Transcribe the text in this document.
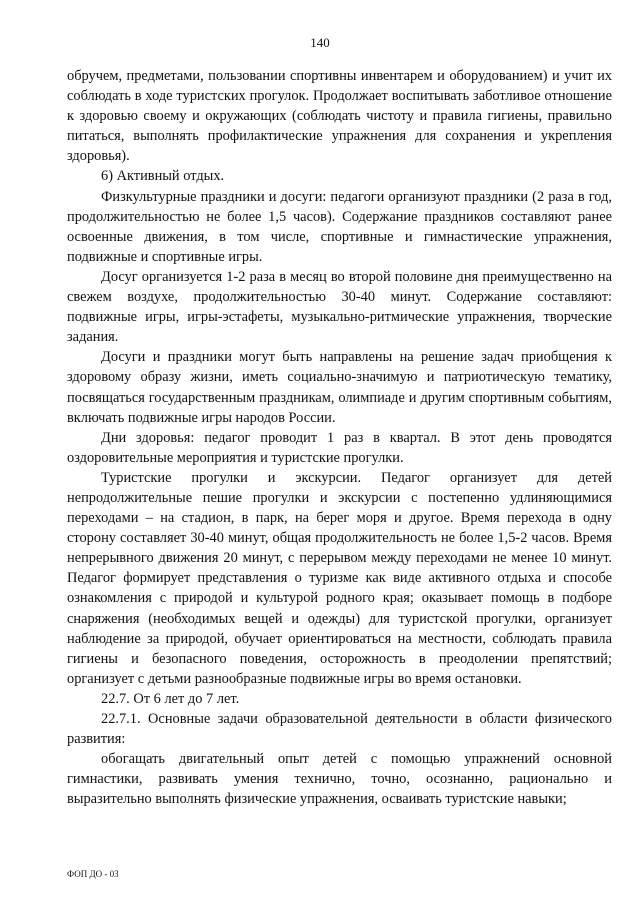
140

обручем, предметами, пользовании спортивны инвентарем и оборудованием) и учит их соблюдать в ходе туристских прогулок. Продолжает воспитывать заботливое отношение к здоровью своему и окружающих (соблюдать чистоту и правила гигиены, правильно питаться, выполнять профилактические упражнения для сохранения и укрепления здоровья).

6) Активный отдых.

Физкультурные праздники и досуги: педагоги организуют праздники (2 раза в год, продолжительностью не более 1,5 часов). Содержание праздников составляют ранее освоенные движения, в том числе, спортивные и гимнастические упражнения, подвижные и спортивные игры.

Досуг организуется 1-2 раза в месяц во второй половине дня преимущественно на свежем воздухе, продолжительностью 30-40 минут. Содержание составляют: подвижные игры, игры-эстафеты, музыкально-ритмические упражнения, творческие задания.

Досуги и праздники могут быть направлены на решение задач приобщения к здоровому образу жизни, иметь социально-значимую и патриотическую тематику, посвящаться государственным праздникам, олимпиаде и другим спортивным событиям, включать подвижные игры народов России.

Дни здоровья: педагог проводит 1 раз в квартал. В этот день проводятся оздоровительные мероприятия и туристские прогулки.

Туристские прогулки и экскурсии. Педагог организует для детей непродолжительные пешие прогулки и экскурсии с постепенно удлиняющимися переходами – на стадион, в парк, на берег моря и другое. Время перехода в одну сторону составляет 30-40 минут, общая продолжительность не более 1,5-2 часов. Время непрерывного движения 20 минут, с перерывом между переходами не менее 10 минут. Педагог формирует представления о туризме как виде активного отдыха и способе ознакомления с природой и культурой родного края; оказывает помощь в подборе снаряжения (необходимых вещей и одежды) для туристской прогулки, организует наблюдение за природой, обучает ориентироваться на местности, соблюдать правила гигиены и безопасного поведения, осторожность в преодолении препятствий; организует с детьми разнообразные подвижные игры во время остановки.

22.7. От 6 лет до 7 лет.

22.7.1. Основные задачи образовательной деятельности в области физического развития:

обогащать двигательный опыт детей с помощью упражнений основной гимнастики, развивать умения технично, точно, осознанно, рационально и выразительно выполнять физические упражнения, осваивать туристские навыки;

ФОП ДО - 03
